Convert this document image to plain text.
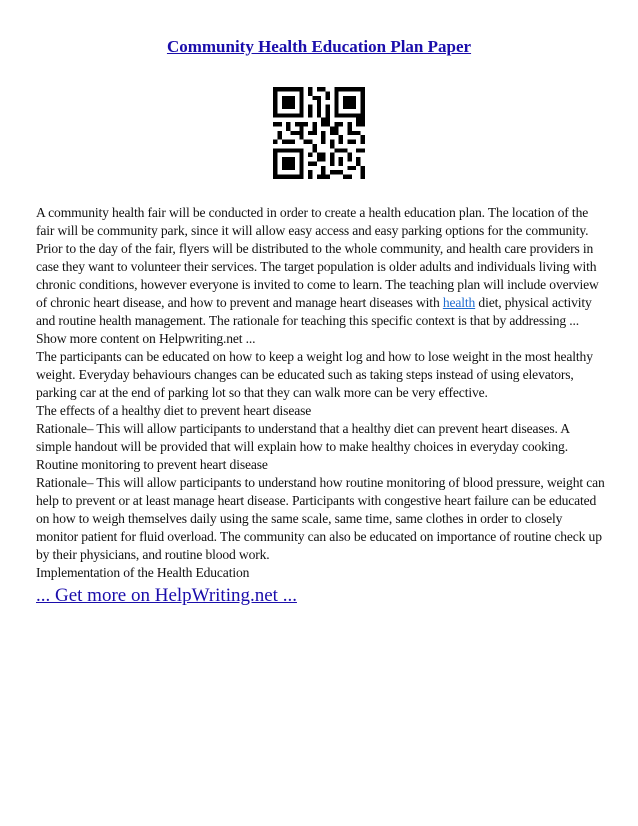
Community Health Education Plan Paper

A community health fair will be conducted in order to create a health education plan. The location of the fair will be community park, since it will allow easy access and easy parking options for the community. Prior to the day of the fair, flyers will be distributed to the whole community, and health care providers in case they want to volunteer their services. The target population is older adults and individuals living with chronic conditions, however everyone is invited to come to learn. The teaching plan will include overview of chronic heart disease, and how to prevent and manage heart diseases with health diet, physical activity and routine health management. The rationale for teaching this specific context is that by addressing ... Show more content on Helpwriting.net ...

The participants can be educated on how to keep a weight log and how to lose weight in the most healthy weight. Everyday behaviours changes can be educated such as taking steps instead of using elevators, parking car at the end of parking lot so that they can walk more can be very effective.

The effects of a healthy diet to prevent heart disease

Rationale– This will allow participants to understand that a healthy diet can prevent heart diseases. A simple handout will be provided that will explain how to make healthy choices in everyday cooking.

Routine monitoring to prevent heart disease

Rationale– This will allow participants to understand how routine monitoring of blood pressure, weight can help to prevent or at least manage heart disease. Participants with congestive heart failure can be educated on how to weigh themselves daily using the same scale, same time, same clothes in order to closely monitor patient for fluid overload. The community can also be educated on importance of routine check up by their physicians, and routine blood work.

Implementation of the Health Education

... Get more on HelpWriting.net ...
